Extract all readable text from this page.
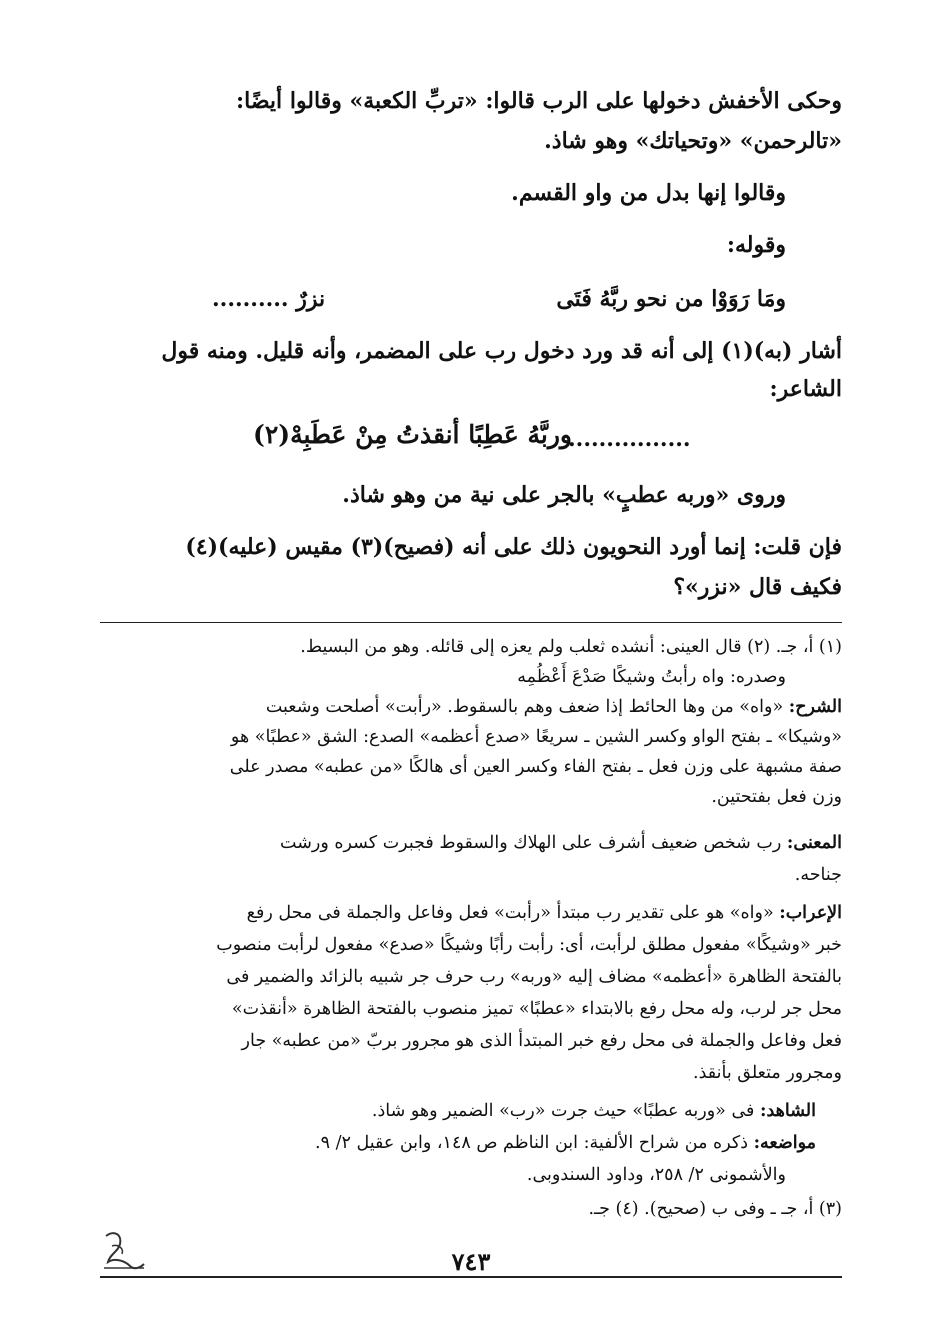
وحكى الأخفش دخولها على الرب قالوا: «تربِّ الكعبة» وقالوا أيضًا:
«تالرحمن» «وتحياتك» وهو شاذ.
وقالوا إنها بدل من واو القسم.
وقوله:
ومَا رَوَوْا من نحو ربَّهُ فَتَى
نزرٌ ..........
أشار (به)(١) إلى أنه قد ورد دخول رب على المضمر، وأنه قليل. ومنه قول
الشاعر:
................
وربَّهُ عَطِبًا أنقذتُ مِنْ عَطَبِهْ(٢)
وروى «وربه عطبٍ» بالجر على نية من وهو شاذ.
فإن قلت: إنما أورد النحويون ذلك على أنه (فصيح)(٣) مقيس (عليه)(٤)
فكيف قال «نزر»؟
(١) أ، جـ. (٢) قال العينى: أنشده ثعلب ولم يعزه إلى قائله. وهو من البسيط.
وصدره: واه رأبتُ وشيكًا صَدْعَ أَعْظُمِه
الشرح: «واه» من وها الحائط إذا ضعف وهم بالسقوط. «رأبت» أصلحت وشعبت
«وشيكا» ـ بفتح الواو وكسر الشين ـ سريعًا «صدع أعظمه» الصدع: الشق «عطبًا» هو
صفة مشبهة على وزن فعل ـ بفتح الفاء وكسر العين أى هالكًا «من عطبه» مصدر على
وزن فعل بفتحتين.
المعنى: رب شخص ضعيف أشرف على الهلاك والسقوط فجبرت كسره ورشت
جناحه.
الإعراب: «واه» هو على تقدير رب مبتدأ «رأبت» فعل وفاعل والجملة فى محل رفع
خبر «وشيكًا» مفعول مطلق لرأبت، أى: رأبت رأبًا وشيكًا «صدع» مفعول لرأبت منصوب
بالفتحة الظاهرة «أعظمه» مضاف إليه «وربه» رب حرف جر شبيه بالزائد والضمير فى
محل جر لرب، وله محل رفع بالابتداء «عطبًا» تميز منصوب بالفتحة الظاهرة «أنقذت»
فعل وفاعل والجملة فى محل رفع خبر المبتدأ الذى هو مجرور بربّ «من عطبه» جار
ومجرور متعلق بأنقذ.
الشاهد: فى «وربه عطبًا» حيث جرت «رب» الضمير وهو شاذ.
مواضعه: ذكره من شراح الألفية: ابن الناظم ص ١٤٨، وابن عقيل ٢/ ٩.
والأشمونى ٢/ ٢٥٨، وداود السندوبى.
(٣) أ، جـ ـ وفى ب (صحيح). (٤) جـ.
٧٤٣
